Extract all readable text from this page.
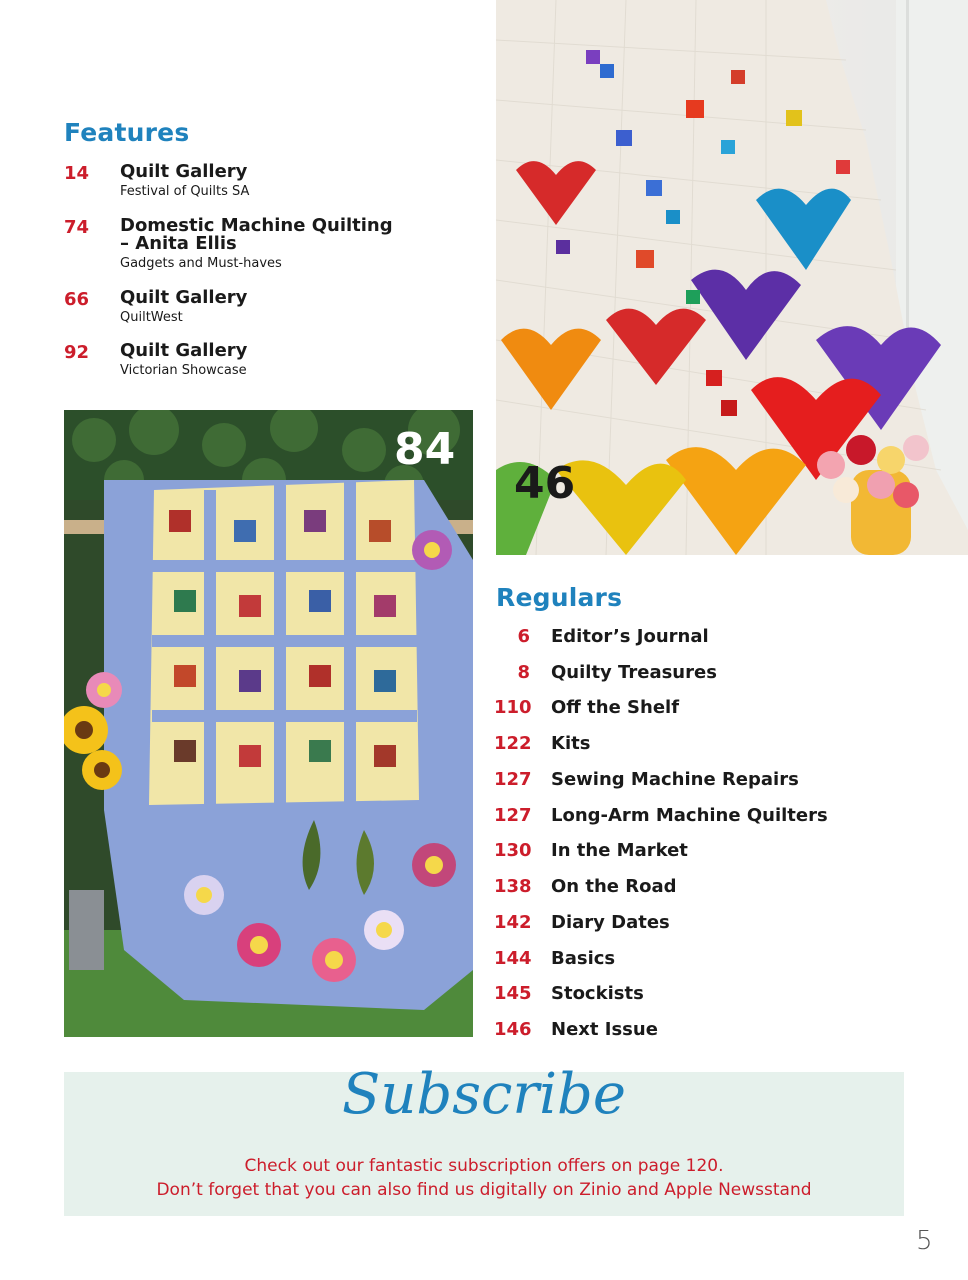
46
Features
14 Quilt Gallery
Festival of Quilts SA
74 Domestic Machine Quilting
– Anita Ellis
Gadgets and Must-haves
66 Quilt Gallery
QuiltWest
92 Quilt Gallery
Victorian Showcase
84
Regulars
6 Editor’s Journal
8 Quilty Treasures
110 Off the Shelf
122 Kits
127 Sewing Machine Repairs
127 Long-Arm Machine Quilters
130 In the Market
138 On the Road
142 Diary Dates
144 Basics
145 Stockists
146 Next Issue
Subscribe
Check out our fantastic subscription offers on page 120.
Don’t forget that you can also find us digitally on Zinio and Apple Newsstand
5
